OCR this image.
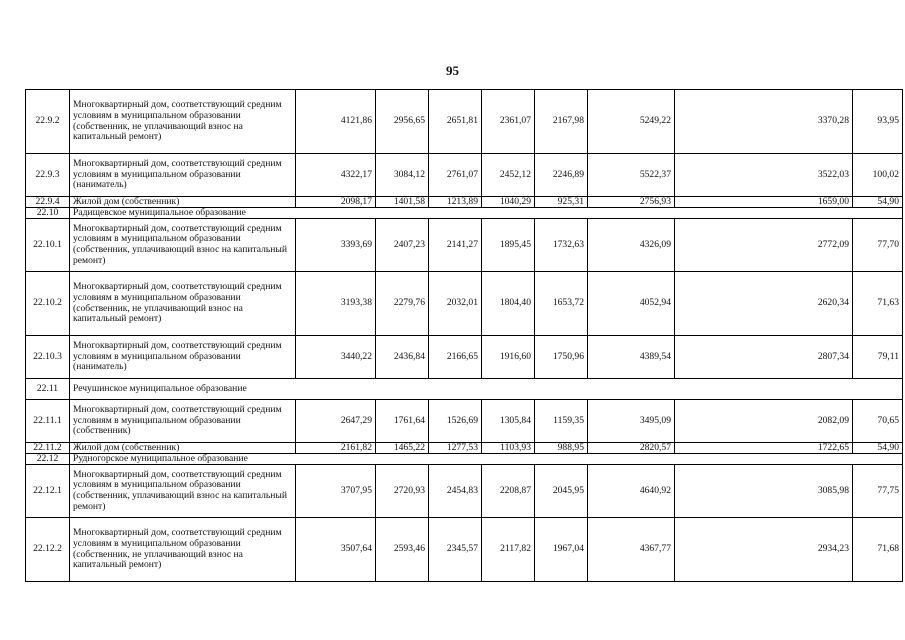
95
22.9.2	Многоквартирный дом, соответствующий средним условиям в муниципальном образовании (собственник, не уплачивающий взнос на капитальный ремонт)	4121,86	2956,65	2651,81	2361,07	2167,98	5249,22	3370,28	93,95
22.9.3	Многоквартирный дом, соответствующий средним условиям в муниципальном образовании (наниматель)	4322,17	3084,12	2761,07	2452,12	2246,89	5522,37	3522,03	100,02
22.9.4	Жилой дом (собственник)	2098,17	1401,58	1213,89	1040,29	925,31	2756,93	1659,00	54,90
22.10	Радищевское муниципальное образование								
22.10.1	Многоквартирный дом, соответствующий средним условиям в муниципальном образовании (собственник, уплачивающий взнос на капитальный ремонт)	3393,69	2407,23	2141,27	1895,45	1732,63	4326,09	2772,09	77,70
22.10.2	Многоквартирный дом, соответствующий средним условиям в муниципальном образовании (собственник, не уплачивающий взнос на капитальный ремонт)	3193,38	2279,76	2032,01	1804,40	1653,72	4052,94	2620,34	71,63
22.10.3	Многоквартирный дом, соответствующий средним условиям в муниципальном образовании (наниматель)	3440,22	2436,84	2166,65	1916,60	1750,96	4389,54	2807,34	79,11
22.11	Речушинское муниципальное образование								
22.11.1	Многоквартирный дом, соответствующий средним условиям в муниципальном образовании (собственник)	2647,29	1761,64	1526,69	1305,84	1159,35	3495,09	2082,09	70,65
22.11.2	Жилой дом (собственник)	2161,82	1465,22	1277,53	1103,93	988,95	2820,57	1722,65	54,90
22.12	Рудногорское муниципальное образование								
22.12.1	Многоквартирный дом, соответствующий средним условиям в муниципальном образовании (собственник, уплачивающий взнос на капитальный ремонт)	3707,95	2720,93	2454,83	2208,87	2045,95	4640,92	3085,98	77,75
22.12.2	Многоквартирный дом, соответствующий средним условиям в муниципальном образовании (собственник, не уплачивающий взнос на капитальный ремонт)	3507,64	2593,46	2345,57	2117,82	1967,04	4367,77	2934,23	71,68
